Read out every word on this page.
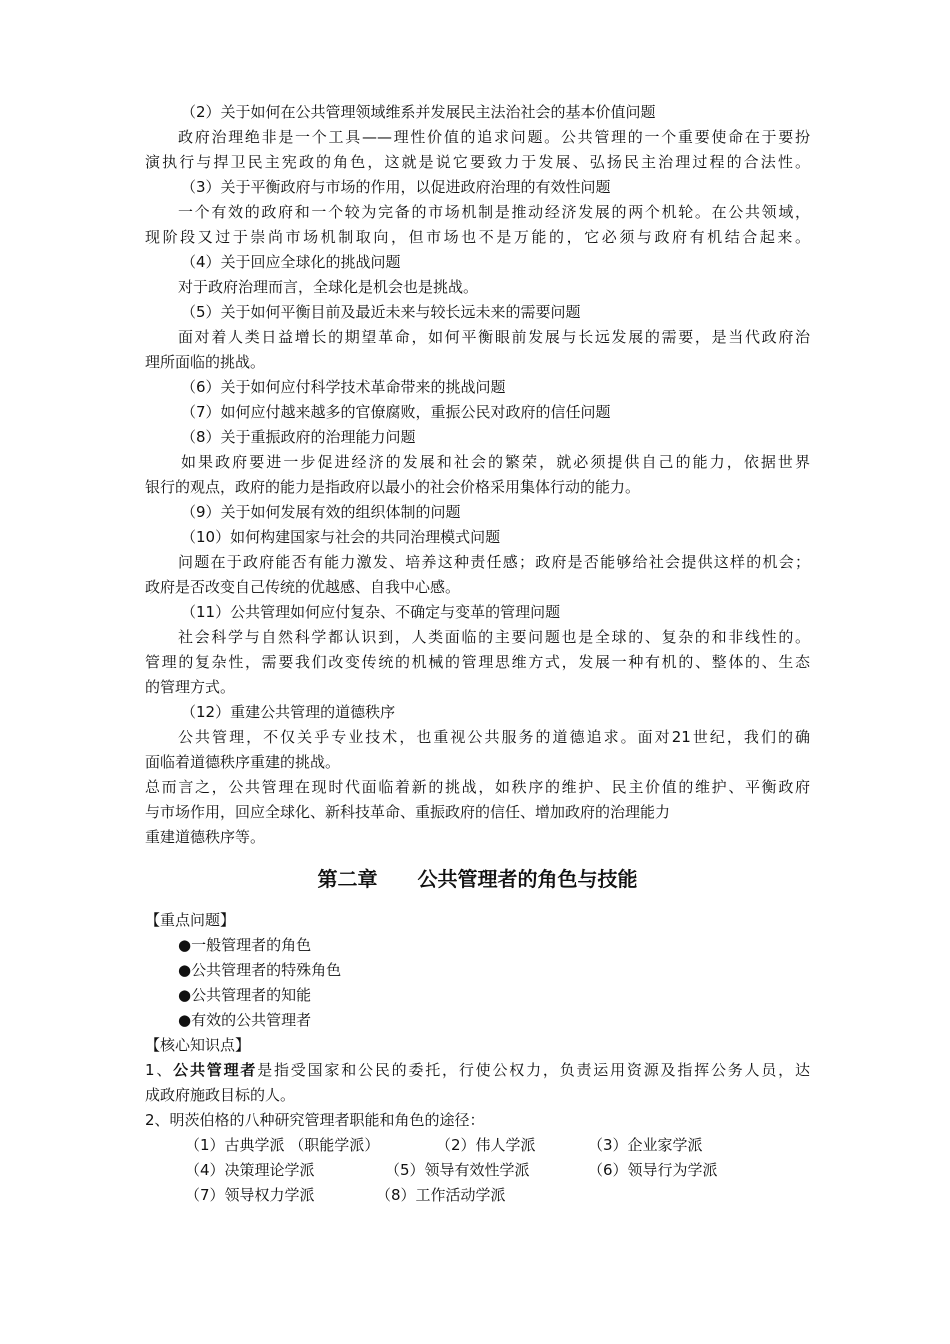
（2）关于如何在公共管理领域维系并发展民主法治社会的基本价值问题
政府治理绝非是一个工具——理性价值的追求问题。公共管理的一个重要使命在于要扮
演执行与捍卫民主宪政的角色，这就是说它要致力于发展、弘扬民主治理过程的合法性。
（3）关于平衡政府与市场的作用，以促进政府治理的有效性问题
一个有效的政府和一个较为完备的市场机制是推动经济发展的两个机轮。在公共领域，
现阶段又过于崇尚市场机制取向，但市场也不是万能的，它必须与政府有机结合起来。
（4）关于回应全球化的挑战问题
对于政府治理而言，全球化是机会也是挑战。
（5）关于如何平衡目前及最近未来与较长远未来的需要问题
面对着人类日益增长的期望革命，如何平衡眼前发展与长远发展的需要，是当代政府治
理所面临的挑战。
（6）关于如何应付科学技术革命带来的挑战问题
（7）如何应付越来越多的官僚腐败，重振公民对政府的信任问题
（8）关于重振政府的治理能力问题
如果政府要进一步促进经济的发展和社会的繁荣，就必须提供自己的能力，依据世界
银行的观点，政府的能力是指政府以最小的社会价格采用集体行动的能力。
（9）关于如何发展有效的组织体制的问题
（10）如何构建国家与社会的共同治理模式问题
问题在于政府能否有能力激发、培养这种责任感；政府是否能够给社会提供这样的机会；
政府是否改变自己传统的优越感、自我中心感。
（11）公共管理如何应付复杂、不确定与变革的管理问题
社会科学与自然科学都认识到，人类面临的主要问题也是全球的、复杂的和非线性的。
管理的复杂性，需要我们改变传统的机械的管理思维方式，发展一种有机的、整体的、生态
的管理方式。
（12）重建公共管理的道德秩序
公共管理，不仅关乎专业技术，也重视公共服务的道德追求。面对21世纪，我们的确
面临着道德秩序重建的挑战。
总而言之，公共管理在现时代面临着新的挑战，如秩序的维护、民主价值的维护、平衡政府
与市场作用，回应全球化、新科技革命、重振政府的信任、增加政府的治理能力
重建道德秩序等。
第二章 公共管理者的角色与技能
【重点问题】
●一般管理者的角色
●公共管理者的特殊角色
●公共管理者的知能
●有效的公共管理者
【核心知识点】
1、公共管理者是指受国家和公民的委托，行使公权力，负责运用资源及指挥公务人员，达
成政府施政目标的人。
2、明茨伯格的八种研究管理者职能和角色的途径：
（1）古典学派 （职能学派）	（2）伟人学派	（3）企业家学派
（4）决策理论学派	（5）领导有效性学派	（6）领导行为学派
（7）领导权力学派	（8）工作活动学派
